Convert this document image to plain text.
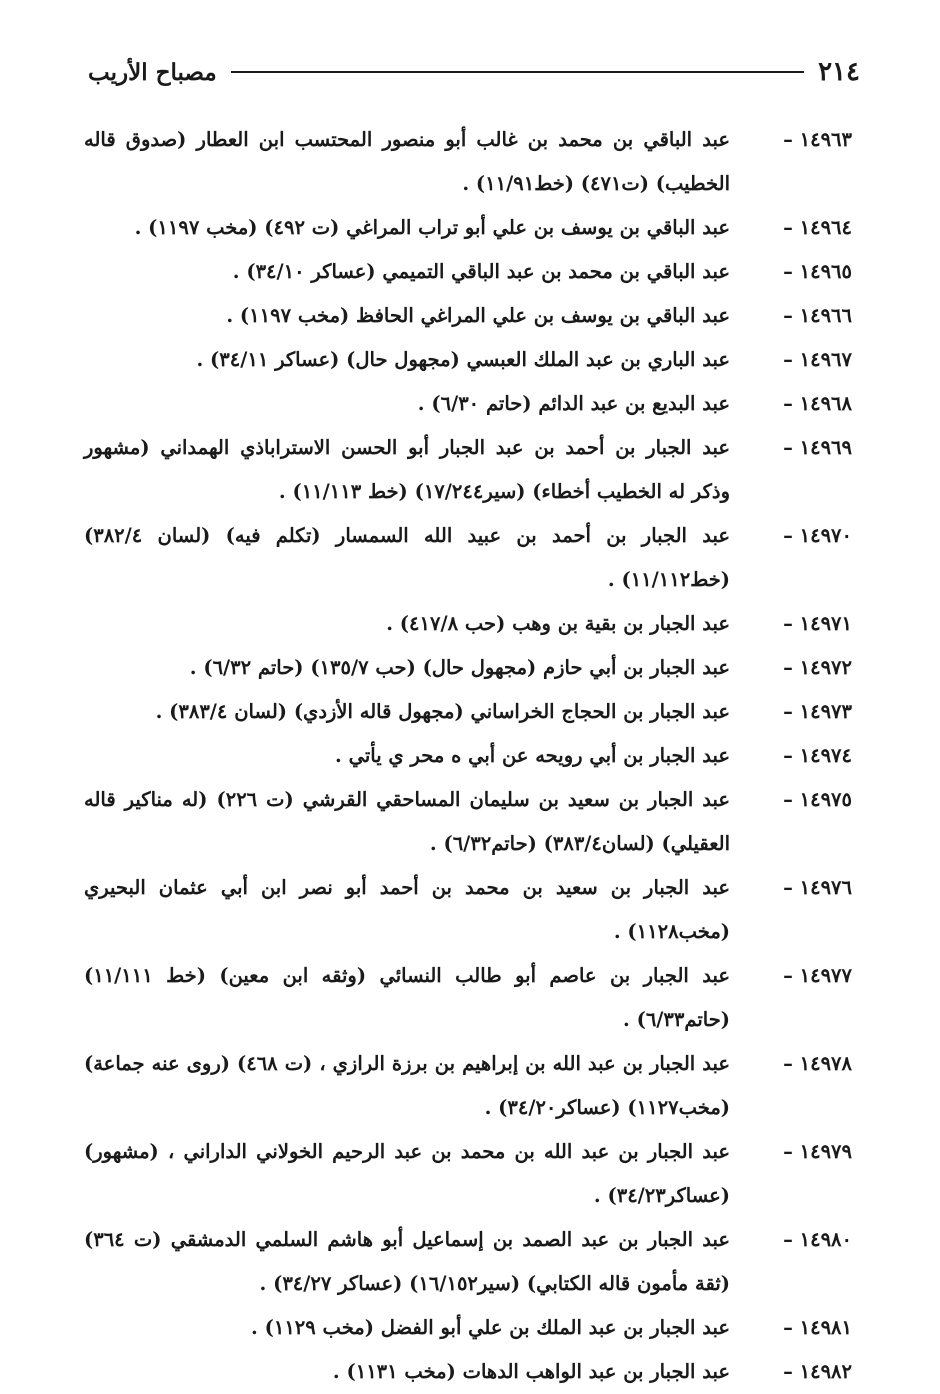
٢١٤
مصباح الأريب
١٤٩٦٣ –
عبد الباقي بن محمد بن غالب أبو منصور المحتسب ابن العطار (صدوق قاله الخطيب) (ت٤٧١) (خط١١/٩١) .
١٤٩٦٤ –
عبد الباقي بن يوسف بن علي أبو تراب المراغي (ت ٤٩٢) (مخب ١١٩٧) .
١٤٩٦٥ –
عبد الباقي بن محمد بن عبد الباقي التميمي (عساكر ٣٤/١٠) .
١٤٩٦٦ –
عبد الباقي بن يوسف بن علي المراغي الحافظ (مخب ١١٩٧) .
١٤٩٦٧ –
عبد الباري بن عبد الملك العبسي (مجهول حال) (عساكر ٣٤/١١) .
١٤٩٦٨ –
عبد البديع بن عبد الدائم (حاتم ٦/٣٠) .
١٤٩٦٩ –
عبد الجبار بن أحمد بن عبد الجبار أبو الحسن الاستراباذي الهمداني (مشهور وذكر له الخطيب أخطاء) (سير١٧/٢٤٤) (خط ١١/١١٣) .
١٤٩٧٠ –
عبد الجبار بن أحمد بن عبيد الله السمسار (تكلم فيه) (لسان ٣٨٢/٤) (خط١١/١١٢) .
١٤٩٧١ –
عبد الجبار بن بقية بن وهب (حب ٤١٧/٨) .
١٤٩٧٢ –
عبد الجبار بن أبي حازم (مجهول حال) (حب ١٣٥/٧) (حاتم ٦/٣٢) .
١٤٩٧٣ –
عبد الجبار بن الحجاج الخراساني (مجهول قاله الأزدي) (لسان ٣٨٣/٤) .
١٤٩٧٤ –
عبد الجبار بن أبي رويحه عن أبي ه محر ي يأتي .
١٤٩٧٥ –
عبد الجبار بن سعيد بن سليمان المساحقي القرشي (ت ٢٢٦) (له مناكير قاله العقيلي) (لسان٣٨٣/٤) (حاتم٦/٣٢) .
١٤٩٧٦ –
عبد الجبار بن سعيد بن محمد بن أحمد أبو نصر ابن أبي عثمان البحيري (مخب١١٢٨) .
١٤٩٧٧ –
عبد الجبار بن عاصم أبو طالب النسائي (وثقه ابن معين) (خط ١١/١١١) (حاتم٦/٣٣) .
١٤٩٧٨ –
عبد الجبار بن عبد الله بن إبراهيم بن برزة الرازي ، (ت ٤٦٨) (روى عنه جماعة) (مخب١١٢٧) (عساكر٣٤/٢٠) .
١٤٩٧٩ –
عبد الجبار بن عبد الله بن محمد بن عبد الرحيم الخولاني الداراني ، (مشهور) (عساكر٣٤/٢٣) .
١٤٩٨٠ –
عبد الجبار بن عبد الصمد بن إسماعيل أبو هاشم السلمي الدمشقي (ت ٣٦٤) (ثقة مأمون قاله الكتابي) (سير١٦/١٥٢) (عساكر ٣٤/٢٧) .
١٤٩٨١ –
عبد الجبار بن عبد الملك بن علي أبو الفضل (مخب ١١٢٩) .
١٤٩٨٢ –
عبد الجبار بن عبد الواهب الدهات (مخب ١١٣١) .
